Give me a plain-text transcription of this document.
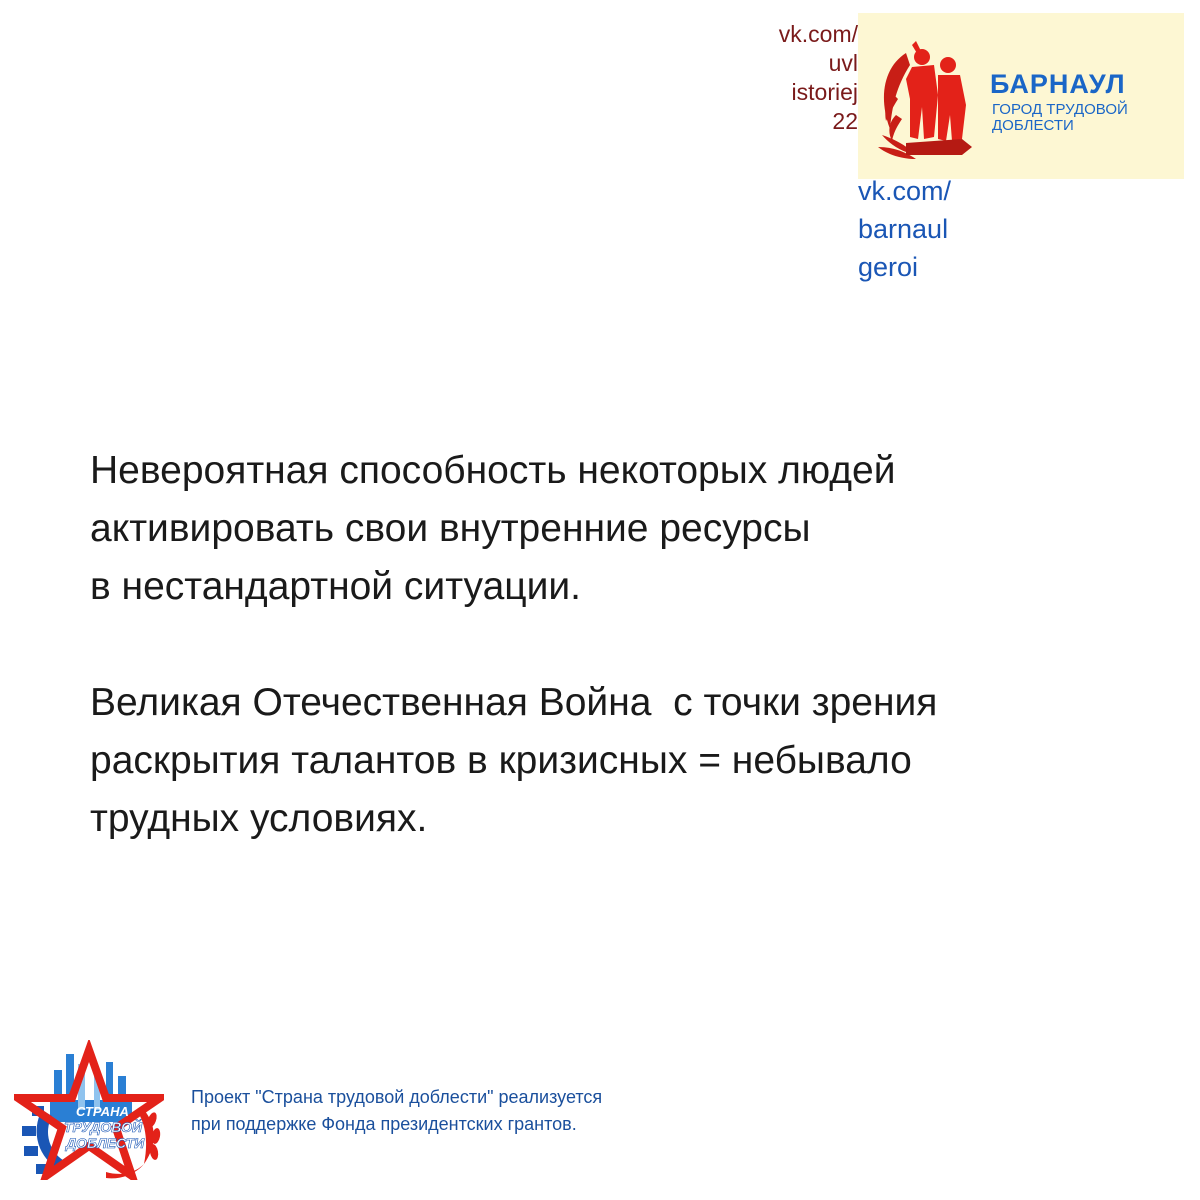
vk.com/
uvl
istoriej
22
БАРНАУЛ
ГОРОД ТРУДОВОЙ
ДОБЛЕСТИ
vk.com/
barnaul
geroi

Невероятная способность некоторых людей
активировать свои внутренние ресурсы
в нестандартной ситуации.

Великая Отечественная Война  с точки зрения
раскрытия талантов в кризисных = небывало
трудных условиях.

СТРАНА
ТРУДОВОЙ
ДОБЛЕСТИ
Проект "Страна трудовой доблести" реализуется
при поддержке Фонда президентских грантов.
